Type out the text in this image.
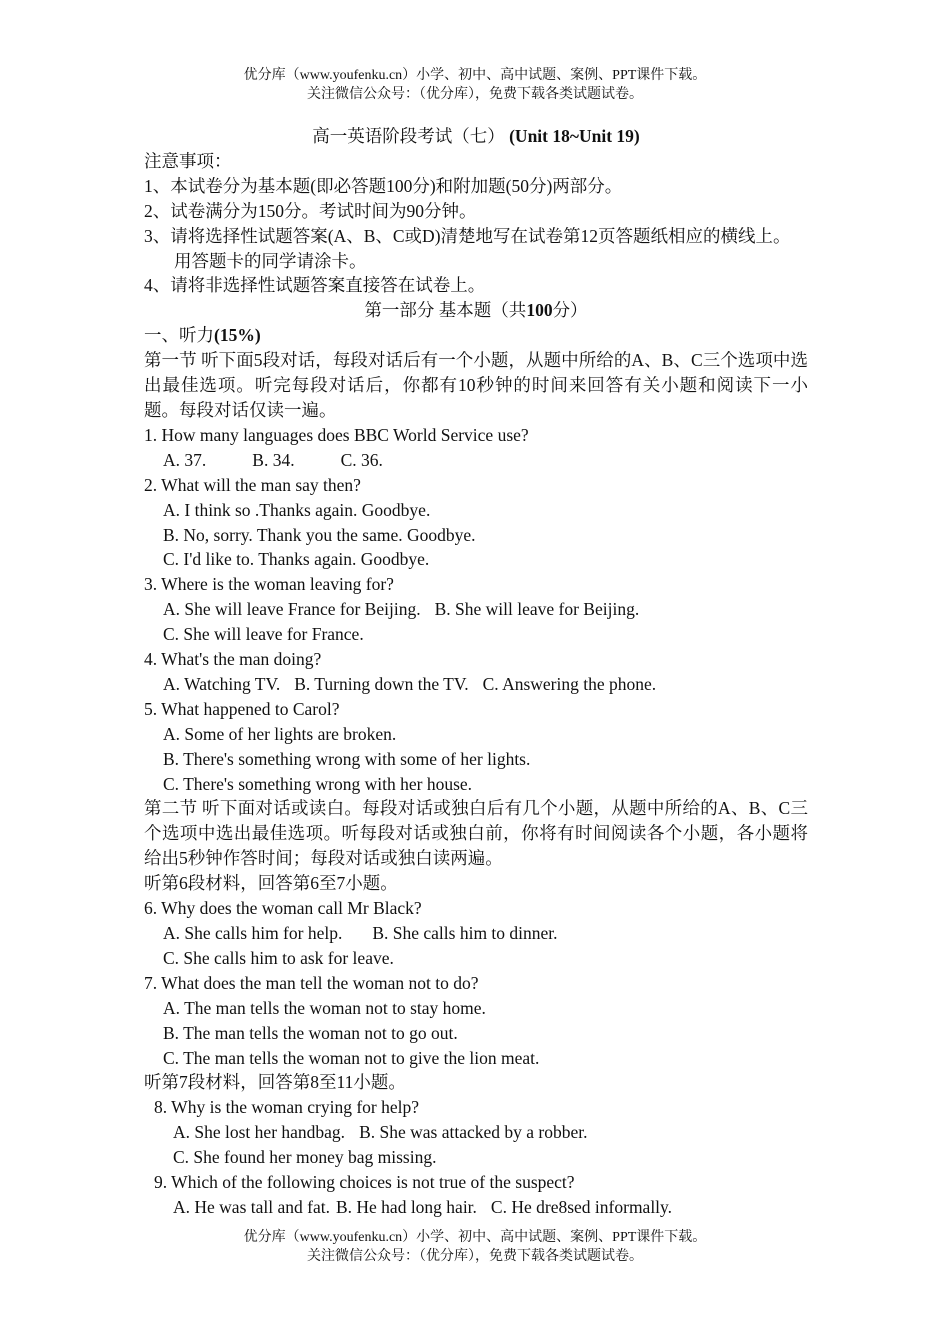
优分库（www.youfenku.cn）小学、初中、高中试题、案例、PPT课件下载。
关注微信公众号：（优分库），免费下载各类试题试卷。
高一英语阶段考试（七） (Unit 18~Unit 19)
注意事项：
1、本试卷分为基本题(即必答题100分)和附加题(50分)两部分。
2、试卷满分为150分。考试时间为90分钟。
3、请将选择性试题答案(A、B、C或D)清楚地写在试卷第12页答题纸相应的横线上。用答题卡的同学请涂卡。
4、请将非选择性试题答案直接答在试卷上。
第一部分 基本题（共100分）
一、听力(15%)
第一节 听下面5段对话，每段对话后有一个小题，从题中所给的A、B、C三个选项中选出最佳选项。听完每段对话后，你都有10秒钟的时间来回答有关小题和阅读下一小题。每段对话仅读一遍。
1. How many languages does BBC World Service use?
A. 37.	B. 34.	C. 36.
2. What will the man say then?
A. I think so .Thanks again. Goodbye.
B. No, sorry. Thank you the same. Goodbye.
C. I'd like to. Thanks again. Goodbye.
3. Where is the woman leaving for?
A. She will leave France for Beijing. B. She will leave for Beijing.
C. She will leave for France.
4. What's the man doing?
A. Watching TV. B. Turning down the TV. C. Answering the phone.
5. What happened to Carol?
A. Some of her lights are broken.
B. There's something wrong with some of her lights.
C. There's something wrong with her house.
第二节 听下面对话或读白。每段对话或独白后有几个小题，从题中所给的A、B、C三个选项中选出最佳选项。听每段对话或独白前，你将有时间阅读各个小题，各小题将给出5秒钟作答时间；每段对话或独白读两遍。
听第6段材料，回答第6至7小题。
6. Why does the woman call Mr Black?
A. She calls him for help. B. She calls him to dinner.
C. She calls him to ask for leave.
7. What does the man tell the woman not to do?
A. The man tells the woman not to stay home.
B. The man tells the woman not to go out.
C. The man tells the woman not to give the lion meat.
听第7段材料，回答第8至11小题。
8. Why is the woman crying for help?
A. She lost her handbag. B. She was attacked by a robber.
C. She found her money bag missing.
9. Which of the following choices is not true of the suspect?
A. He was tall and fat. B. He had long hair. C. He dre8sed informally.
优分库（www.youfenku.cn）小学、初中、高中试题、案例、PPT课件下载。
关注微信公众号：（优分库），免费下载各类试题试卷。
